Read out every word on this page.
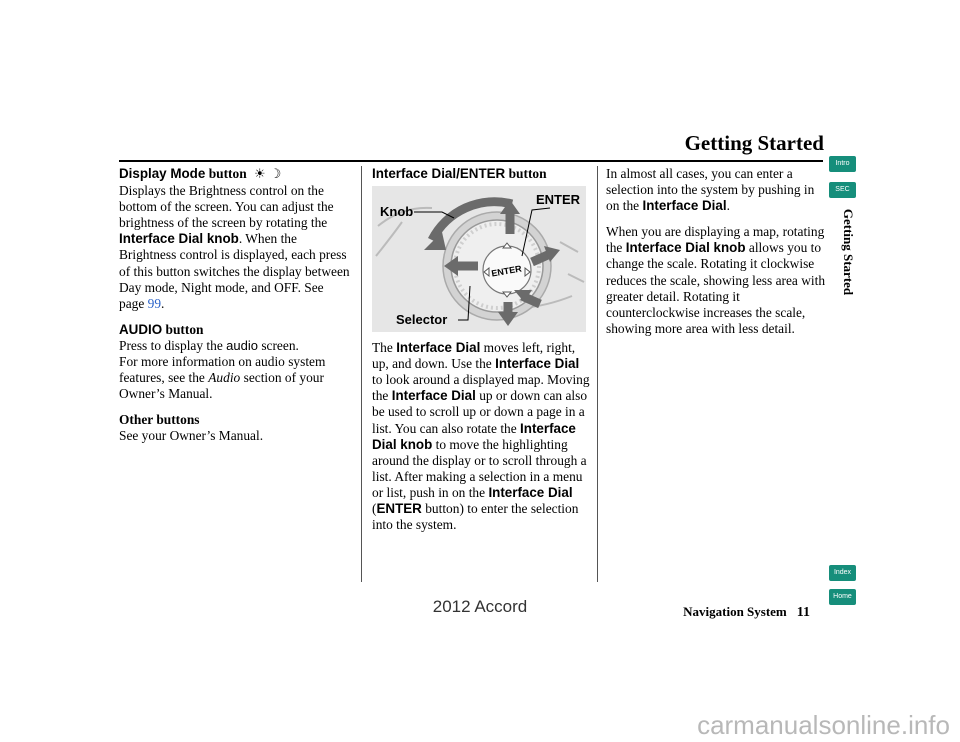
Getting Started

Display Mode button ☀ ☽
Displays the Brightness control on the bottom of the screen. You can adjust the brightness of the screen by rotating the Interface Dial knob. When the Brightness control is displayed, each press of this button switches the display between Day mode, Night mode, and OFF. See page 99.

AUDIO button
Press to display the audio screen.
For more information on audio system features, see the Audio section of your Owner’s Manual.

Other buttons
See your Owner’s Manual.

Interface Dial/ENTER button
ENTER
Knob
ENTER
Selector

The Interface Dial moves left, right, up, and down. Use the Interface Dial to look around a displayed map. Moving the Interface Dial up or down can also be used to scroll up or down a page in a list. You can also rotate the Interface Dial knob to move the highlighting around the display or to scroll through a list. After making a selection in a menu or list, push in on the Interface Dial
(ENTER button) to enter the selection into the system.

In almost all cases, you can enter a selection into the system by pushing in on the Interface Dial.

When you are displaying a map, rotating the Interface Dial knob allows you to change the scale. Rotating it clockwise reduces the scale, showing less area with greater detail. Rotating it counterclockwise increases the scale, showing more area with less detail.

Intro
SEC
Getting Started
Index
Home
Navigation System 11
2012 Accord
carmanualsonline.info
